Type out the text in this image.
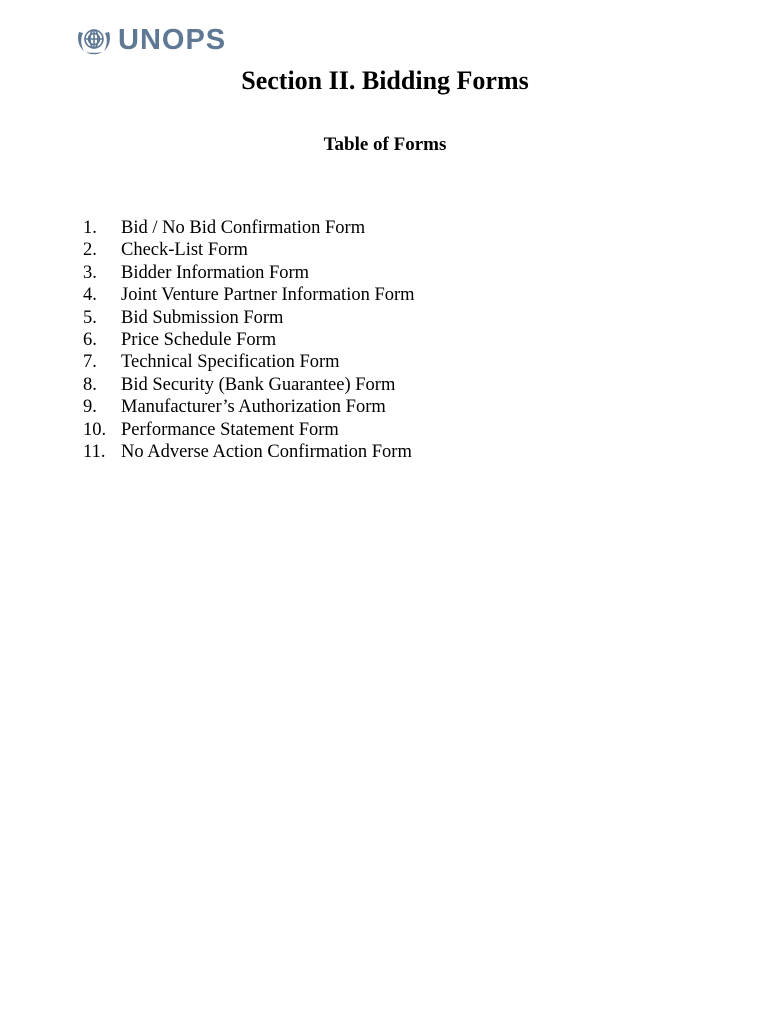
UNOPS
Section II. Bidding Forms
Table of Forms
1.	Bid / No Bid Confirmation Form
2.	Check-List Form
3.	Bidder Information Form
4.	Joint Venture Partner Information Form
5.	Bid Submission Form
6.	Price Schedule Form
7.	Technical Specification Form
8.	Bid Security (Bank Guarantee) Form
9.	Manufacturer’s Authorization Form
10. Performance Statement Form
11. No Adverse Action Confirmation Form
